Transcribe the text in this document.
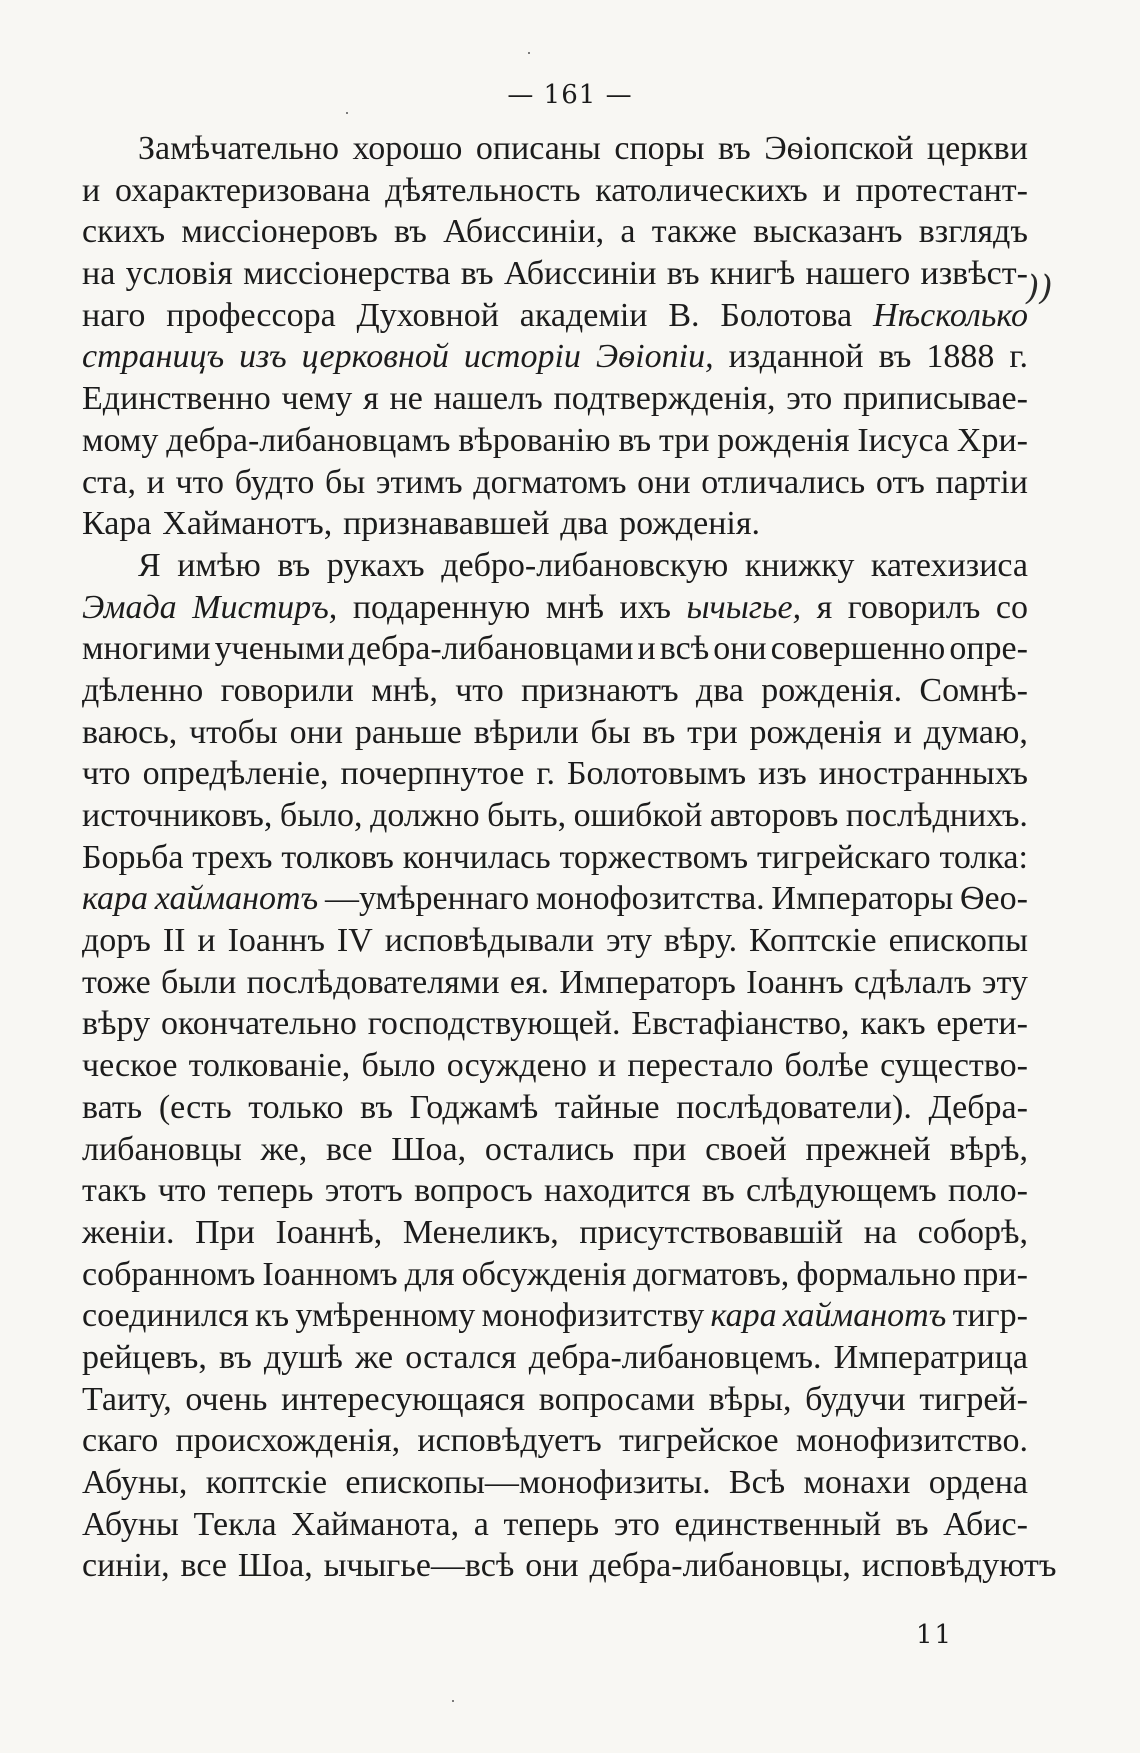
— 161 —
Замѣчательно хорошо описаны споры въ Эѳіопской церкви
и охарактеризована дѣятельность католическихъ и протестант-
скихъ миссіонеровъ въ Абиссиніи, а также высказанъ взглядъ
на условія миссіонерства въ Абиссиніи въ книгѣ нашего извѣст-
наго профессора Духовной академіи В. Болотова Нѣсколько
страницъ изъ церковной исторіи Эѳіопіи, изданной въ 1888 г.
Единственно чему я не нашелъ подтвержденія, это приписывае-
мому дебра-либановцамъ вѣрованію въ три рожденія Іисуса Хри-
ста, и что будто бы этимъ догматомъ они отличались отъ партіи
Кара Хайманотъ, признававшей два рожденія.
Я имѣю въ рукахъ дебро-либановскую книжку катехизиса
Эмада Мистиръ, подаренную мнѣ ихъ ычыгье, я говорилъ со
многими учеными дебра-либановцами и всѣ они совершенно опре-
дѣленно говорили мнѣ, что признаютъ два рожденія. Сомнѣ-
ваюсь, чтобы они раньше вѣрили бы въ три рожденія и думаю,
что опредѣленіе, почерпнутое г. Болотовымъ изъ иностранныхъ
источниковъ, было, должно быть, ошибкой авторовъ послѣднихъ.
Борьба трехъ толковъ кончилась торжествомъ тигрейскаго толка:
кара хайманотъ —умѣреннаго монофозитства. Императоры Ѳео-
доръ II и Іоаннъ IV исповѣдывали эту вѣру. Коптскіе епископы
тоже были послѣдователями ея. Императоръ Іоаннъ сдѣлалъ эту
вѣру окончательно господствующей. Евстафіанство, какъ ерети-
ческое толкованіе, было осуждено и перестало болѣе существо-
вать (есть только въ Годжамѣ тайные послѣдователи). Дебра-
либановцы же, все Шоа, остались при своей прежней вѣрѣ,
такъ что теперь этотъ вопросъ находится въ слѣдующемъ поло-
женіи. При Іоаннѣ, Менеликъ, присутствовавшій на соборѣ,
собранномъ Іоанномъ для обсужденія догматовъ, формально при-
соединился къ умѣренному монофизитству кара хайманотъ тигр-
рейцевъ, въ душѣ же остался дебра-либановцемъ. Императрица
Таиту, очень интересующаяся вопросами вѣры, будучи тигрей-
скаго происхожденія, исповѣдуетъ тигрейское монофизитство.
Абуны, коптскіе епископы—монофизиты. Всѣ монахи ордена
Абуны Текла Хайманота, а теперь это единственный въ Абис-
синіи, все Шоа, ычыгье—всѣ они дебра-либановцы, исповѣдуютъ
))
11
